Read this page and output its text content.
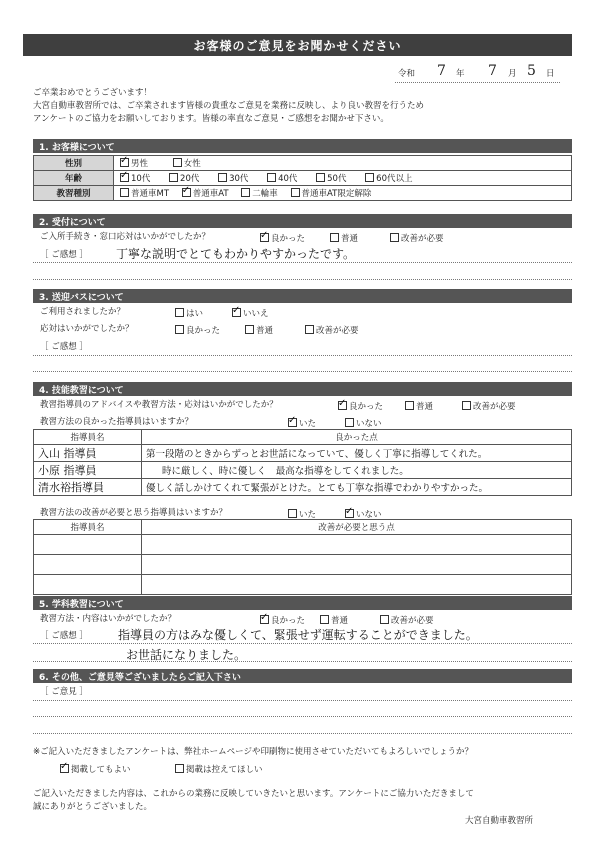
お客様のご意見をお聞かせください
令和 7 年 7 月 5 日
ご卒業おめでとうございます！
大宮自動車教習所では、ご卒業されます皆様の貴重なご意見を業務に反映し、より良い教習を行うため
アンケートのご協力をお願いしております。皆様の率直なご意見・ご感想をお聞かせ下さい。
1. お客様について
性別	✓男性 女性
年齢	✓10代 20代 30代 40代 50代 60代以上
教習種別	普通車MT ✓ 普通車AT 二輪車 普通車AT限定解除
2. 受付について
ご入所手続き・窓口応対はいかがでしたか？ ✓	良かった	普通	改善が必要
［ ご感想 ］ 丁寧な説明でとてもわかりやすかったです。
3. 送迎バスについて
ご利用されましたか？	はい ✓	いいえ
応対はいかがでしたか？	良かった	普通	改善が必要
［ ご感想 ］
4. 技能教習について
教習指導員のアドバイスや教習方法・応対はいかがでしたか？ ✓	良かった	普通	改善が必要
教習方法の良かった指導員はいますか？ ✓	いた	いない
指導員名	良かった点
入山 指導員	第一段階のときからずっとお世話になっていて、優しく丁寧に指導してくれた。
小原 指導員	時に厳しく、時に優しく　最高な指導をしてくれました。
清水裕指導員	優しく話しかけてくれて緊張がとけた。とても丁寧な指導でわかりやすかった。
教習方法の改善が必要と思う指導員はいますか？	いた ✓	いない
指導員名	改善が必要と思う点

5. 学科教習について
教習方法・内容はいかがでしたか？ ✓	良かった	普通	改善が必要
［ ご感想 ］	指導員の方はみな優しくて、緊張せず運転することができました。
お世話になりました。
6. その他、ご意見等ございましたらご記入下さい
［ ご意見 ］
※ご記入いただきましたアンケートは、弊社ホームページや印刷物に使用させていただいてもよろしいでしょうか？
✓掲載してもよい	掲載は控えてほしい
ご記入いただきました内容は、これからの業務に反映していきたいと思います。アンケートにご協力いただきまして
誠にありがとうございました。
大宮自動車教習所
